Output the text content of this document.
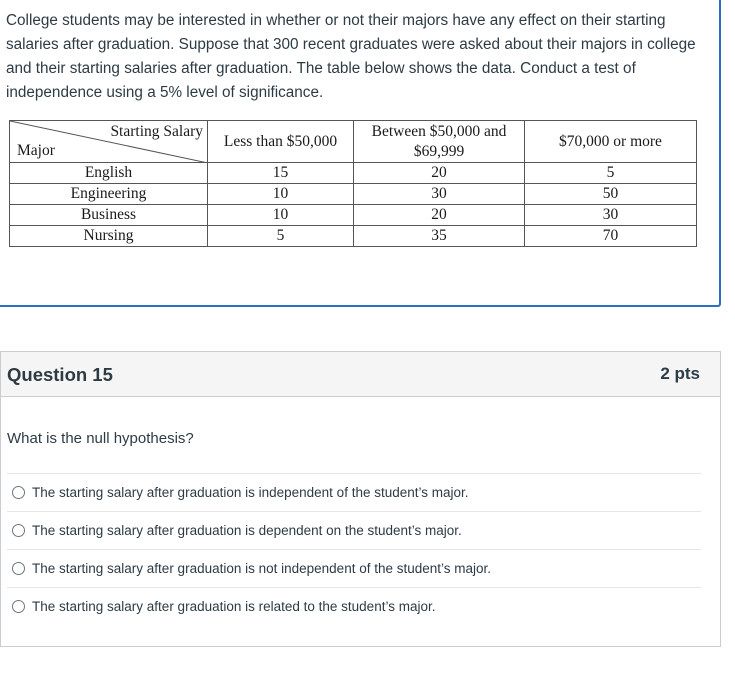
College students may be interested in whether or not their majors have any effect on their starting salaries after graduation. Suppose that 300 recent graduates were asked about their majors in college and their starting salaries after graduation. The table below shows the data. Conduct a test of independence using a 5% level of significance.

Starting Salary
Major	Less than $50,000	Between $50,000 and $69,999	$70,000 or more
English	15	20	5
Engineering	10	30	50
Business	10	20	30
Nursing	5	35	70
Question 15	2 pts

What is the null hypothesis?

The starting salary after graduation is independent of the student’s major.
The starting salary after graduation is dependent on the student’s major.
The starting salary after graduation is not independent of the student’s major.
The starting salary after graduation is related to the student’s major.
